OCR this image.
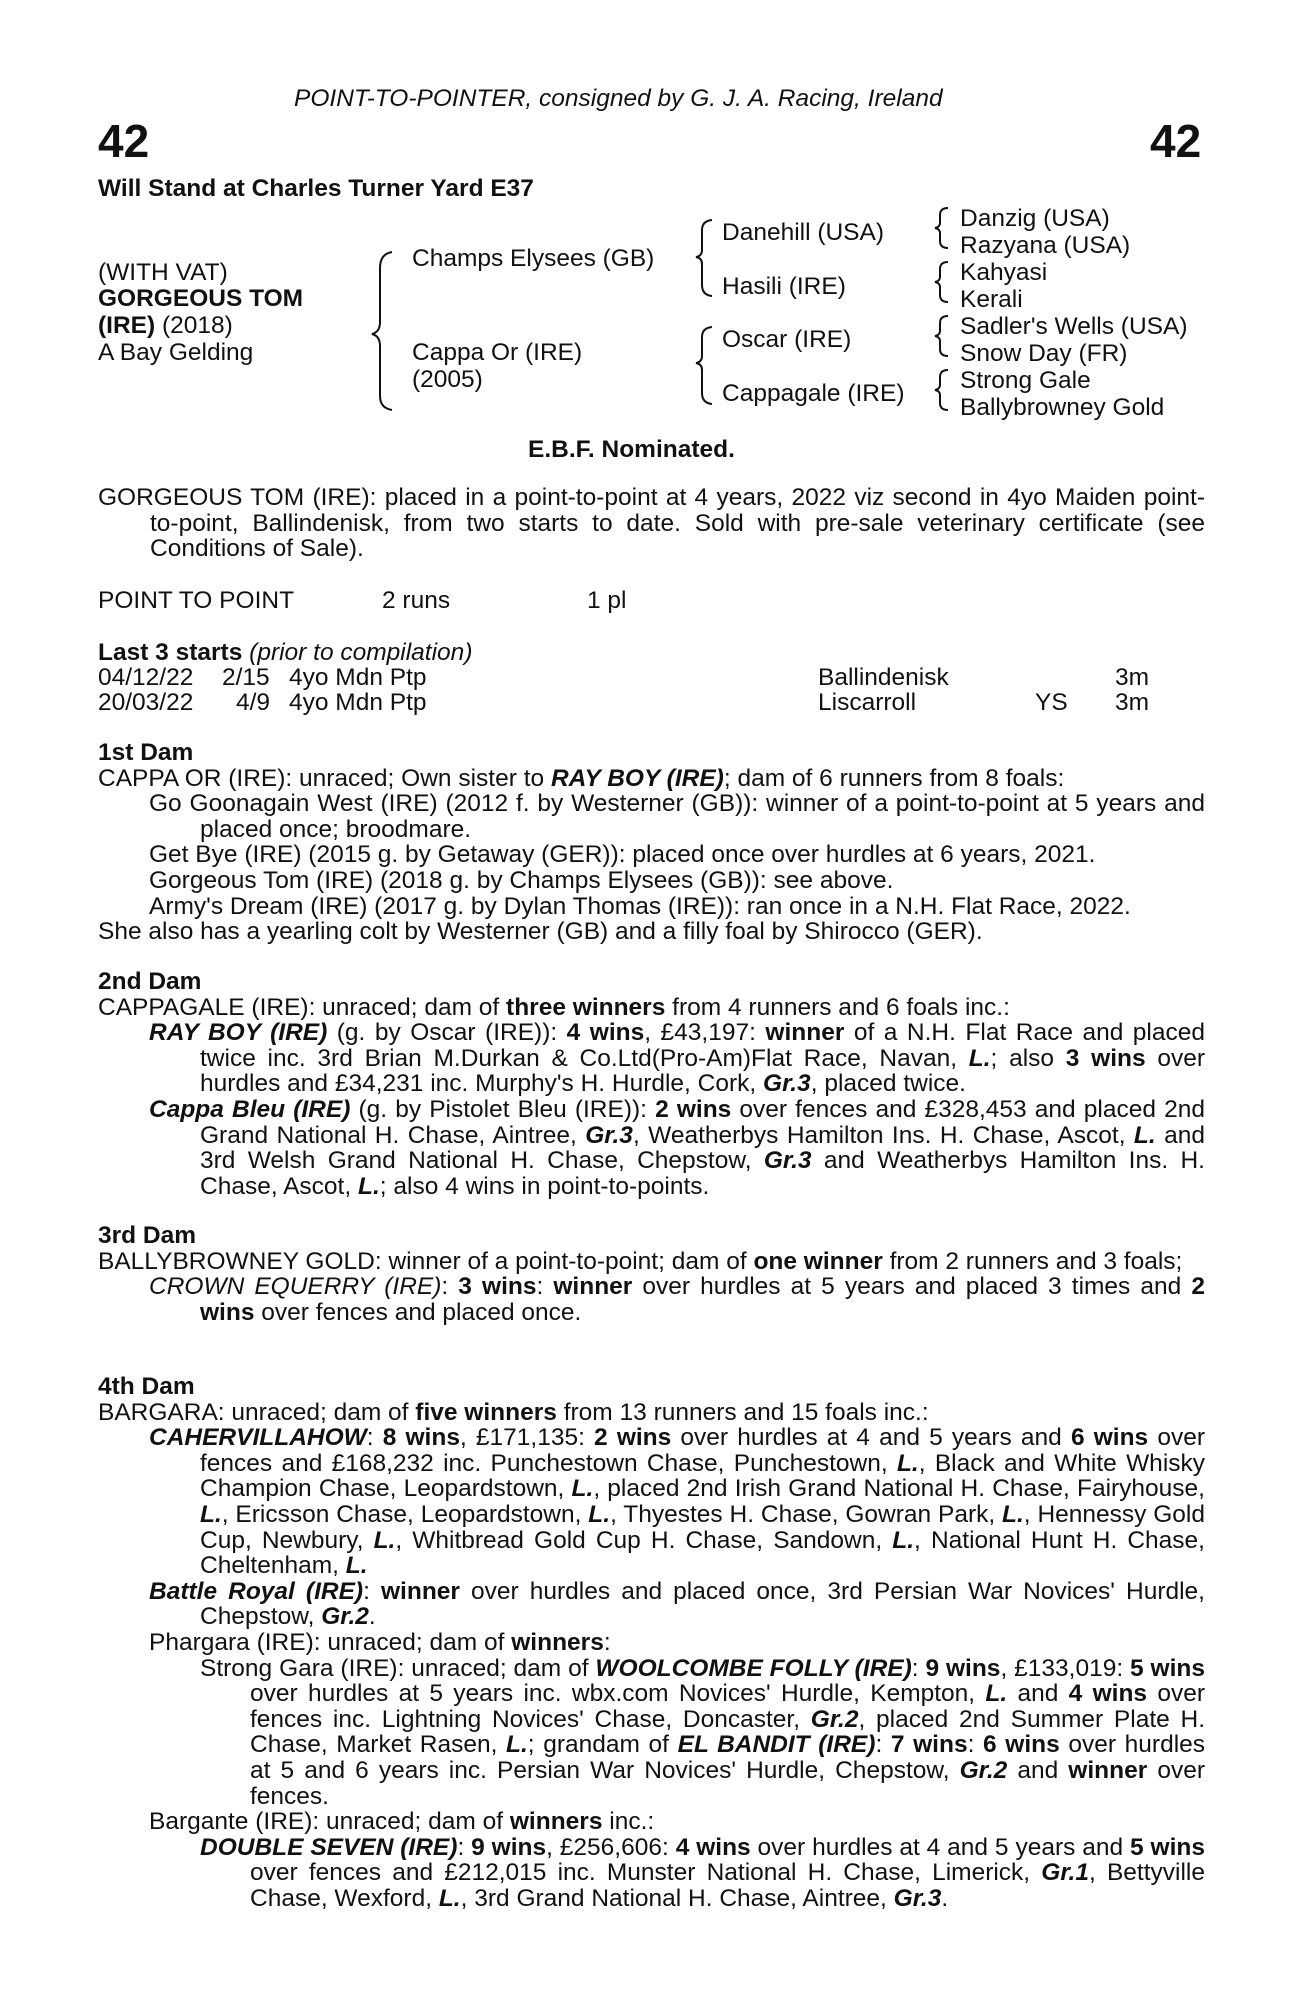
POINT-TO-POINTER, consigned by G. J. A. Racing, Ireland
42	42
Will Stand at Charles Turner Yard E37
(WITH VAT)
GORGEOUS TOM
(IRE) (2018)
A Bay Gelding
Champs Elysees (GB)
Cappa Or (IRE)
(2005)
Danehill (USA)
Hasili (IRE)
Oscar (IRE)
Cappagale (IRE)
Danzig (USA)
Razyana (USA)
Kahyasi
Kerali
Sadler's Wells (USA)
Snow Day (FR)
Strong Gale
Ballybrowney Gold
E.B.F. Nominated.

GORGEOUS TOM (IRE): placed in a point-to-point at 4 years, 2022 viz second in 4yo Maiden point-to-point, Ballindenisk, from two starts to date. Sold with pre-sale veterinary certificate (see Conditions of Sale).

POINT TO POINT	2 runs	1 pl
Last 3 starts (prior to compilation)
04/12/22 2/15 4yo Mdn Ptp	Ballindenisk	3m
20/03/22 4/9 4yo Mdn Ptp	Liscarroll	YS 3m

1st Dam

CAPPA OR (IRE): unraced; Own sister to RAY BOY (IRE); dam of 6 runners from 8 foals:

Go Goonagain West (IRE) (2012 f. by Westerner (GB)): winner of a point-to-point at 5 years and placed once; broodmare.

Get Bye (IRE) (2015 g. by Getaway (GER)): placed once over hurdles at 6 years, 2021.

Gorgeous Tom (IRE) (2018 g. by Champs Elysees (GB)): see above.

Army's Dream (IRE) (2017 g. by Dylan Thomas (IRE)): ran once in a N.H. Flat Race, 2022.

She also has a yearling colt by Westerner (GB) and a filly foal by Shirocco (GER).

2nd Dam

CAPPAGALE (IRE): unraced; dam of three winners from 4 runners and 6 foals inc.:

RAY BOY (IRE) (g. by Oscar (IRE)): 4 wins, £43,197: winner of a N.H. Flat Race and placed twice inc. 3rd Brian M.Durkan & Co.Ltd(Pro-Am)Flat Race, Navan, L.; also 3 wins over hurdles and £34,231 inc. Murphy's H. Hurdle, Cork, Gr.3, placed twice.

Cappa Bleu (IRE) (g. by Pistolet Bleu (IRE)): 2 wins over fences and £328,453 and placed 2nd Grand National H. Chase, Aintree, Gr.3, Weatherbys Hamilton Ins. H. Chase, Ascot, L. and 3rd Welsh Grand National H. Chase, Chepstow, Gr.3 and Weatherbys Hamilton Ins. H. Chase, Ascot, L.; also 4 wins in point-to-points.

3rd Dam

BALLYBROWNEY GOLD: winner of a point-to-point; dam of one winner from 2 runners and 3 foals;

CROWN EQUERRY (IRE): 3 wins: winner over hurdles at 5 years and placed 3 times and 2 wins over fences and placed once.

4th Dam

BARGARA: unraced; dam of five winners from 13 runners and 15 foals inc.:

CAHERVILLAHOW: 8 wins, £171,135: 2 wins over hurdles at 4 and 5 years and 6 wins over fences and £168,232 inc. Punchestown Chase, Punchestown, L., Black and White Whisky Champion Chase, Leopardstown, L., placed 2nd Irish Grand National H. Chase, Fairyhouse, L., Ericsson Chase, Leopardstown, L., Thyestes H. Chase, Gowran Park, L., Hennessy Gold Cup, Newbury, L., Whitbread Gold Cup H. Chase, Sandown, L., National Hunt H. Chase, Cheltenham, L.

Battle Royal (IRE): winner over hurdles and placed once, 3rd Persian War Novices' Hurdle, Chepstow, Gr.2.

Phargara (IRE): unraced; dam of winners:

Strong Gara (IRE): unraced; dam of WOOLCOMBE FOLLY (IRE): 9 wins, £133,019: 5 wins over hurdles at 5 years inc. wbx.com Novices' Hurdle, Kempton, L. and 4 wins over fences inc. Lightning Novices' Chase, Doncaster, Gr.2, placed 2nd Summer Plate H. Chase, Market Rasen, L.; grandam of EL BANDIT (IRE): 7 wins: 6 wins over hurdles at 5 and 6 years inc. Persian War Novices' Hurdle, Chepstow, Gr.2 and winner over fences.

Bargante (IRE): unraced; dam of winners inc.:

DOUBLE SEVEN (IRE): 9 wins, £256,606: 4 wins over hurdles at 4 and 5 years and 5 wins over fences and £212,015 inc. Munster National H. Chase, Limerick, Gr.1, Bettyville Chase, Wexford, L., 3rd Grand National H. Chase, Aintree, Gr.3.
